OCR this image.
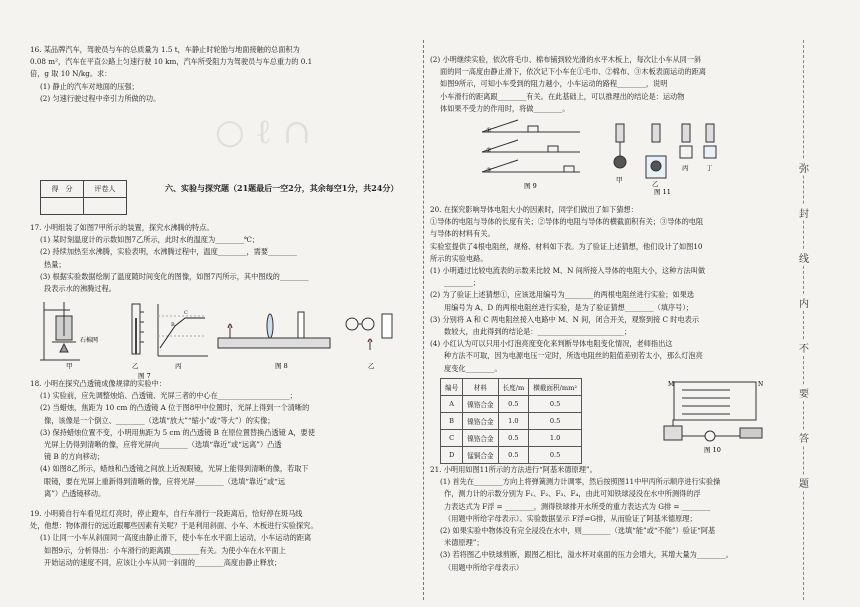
16. 某品牌汽车，驾驶员与车的总质量为 1.5 t，车静止时轮胎与地面接触的总面积为

0.08 m²，汽车在平直公路上匀速行驶 10 km，汽车所受阻力为驾驶员与车总重力的 0.1

倍，g 取 10 N/kg。求：

(1) 静止的汽车对地面的压强；

(2) 匀速行驶过程中牵引力所做的功。

○ ℓ ∩
得　分	评卷人
		六、实验与探究题（21题最后一空2分，其余每空1分，共24分）

17. 小明组装了如图7甲所示的装置，探究水沸腾的特点。

(1) 某时刻温度计的示数如图7乙所示，此时水的温度为________℃；

(2) 持续加热至水沸腾，实验表明，水沸腾过程中，温度________，需要________

热量；

(3) 根据实验数据绘制了温度随时间变化的图像，如图7丙所示，其中图线的________

段表示水的沸腾过程。

石棉网
甲	乙
B
C
丙
图 7
图 8	乙

18. 小明在探究凸透镜成像规律的实验中：

(1) 实验前，应先调整烛焰、凸透镜、光屏三者的中心在____________________；

(2) 当蜡烛、焦距为 10 cm 的凸透镜 A 位于图8甲中位置时，光屏上得到一个清晰的

像，该像是一个倒立、________（选填“放大”“缩小”或“等大”）的实像；

(3) 保持蜡烛位置不变，小明用焦距为 5 cm 的凸透镜 B 在原位置替换凸透镜 A，要使

光屏上仍得到清晰的像，应将光屏向________（选填“靠近”或“远离”）凸透

镜 B 的方向移动；

(4) 如图8乙所示，蜡烛和凸透镜之间放上近视眼镜，光屏上能得到清晰的像，若取下

眼镜，要在光屏上重新得到清晰的像，应将光屏________（选填“靠近”或“远

离”）凸透镜移动。

19. 小明骑自行车看见红灯亮时，停止蹬车，自行车滑行一段距离后，恰好停在斑马线

处，他想：物体滑行的远近跟哪些因素有关呢？于是利用斜面、小车、木板进行实验探究。

(1) 让同一小车从斜面同一高度由静止滑下，使小车在水平面上运动，小车运动的距离

如图9示，分析得出：小车滑行的距离跟________有关。为使小车在水平面上

开始运动的速度不同，应该让小车从同一斜面的________高度由静止释放；

(2) 小明继续实验，依次将毛巾、棉布铺到较光滑的水平木板上，每次让小车从同一斜

面的同一高度由静止滑下，依次记下小车在①毛巾、②棉布、③木板表面运动的距离

如图9所示，可知小车受到的阻力越小，小车运动的路程________，说明

小车滑行的距离跟________有关。在此基础上，可以推理出的结论是：运动物

体如果不受力的作用时，将做________。

①
②
③
图 9
甲	乙
丙	丁
图 11

20. 在探究影响导体电阻大小的因素时，同学们做出了如下猜想：

①导体的电阻与导体的长度有关；②导体的电阻与导体的横截面积有关；③导体的电阻

与导体的材料有关。

实验室提供了4根电阻丝，规格、材料如下表。为了验证上述猜想，他们设计了如图10

所示的实验电路。

(1) 小明通过比较电流表的示数来比较 M、N 间所接入导体的电阻大小，这种方法叫做

________；

(2) 为了验证上述猜想①，应该选用编号为________的两根电阻丝进行实验；如果选

用编号为 A、D 的两根电阻丝进行实验，是为了验证猜想________（填序号）；

(3) 分别将 A 和 C 两电阻丝接入电路中 M、N 间，闭合开关，观察到接 C 时电表示

数较大，由此得到的结论是：________________________；

(4) 小红认为可以只用小灯泡亮度变化来判断导体电阻变化情况，老师指出这

种方法不可取，因为电源电压一定时，所选电阻丝的阻值差别若太小，那么灯泡亮

度变化________。

编号	材料	长度/m	横截面积/mm²
A	镍铬合金	0.5	0.5
B	镍铬合金	1.0	0.5
C	镍铬合金	0.5	1.0
D	锰铜合金	0.5	0.5
M	N
图 10

21. 小明用如图11所示的方法进行“阿基米德原理”。

(1) 首先在________方向上将弹簧测力计调零，然后按照图11中甲丙所示顺序进行实验操

作，测力计的示数分别为 F₁、F₂、F₃、F₄，由此可知铁球浸没在水中所测得的浮

力表达式为 F浮 = ________，测得铁球排开水所受的重力表达式为 G排 = ________

（用题中所给字母表示）。实验数据显示 F浮=G排，从而验证了阿基米德原理；

(2) 如果实验中物体没有完全浸没在水中，则________（选填“能”或“不能”）验证“阿基

米德原理”；

(3) 若将图乙中铁球剪断，跟图乙相比，溢水杯对桌面的压力会增大，其增大量为________。

（用题中所给字母表示）

弥
封
线
内
不
要
答
题
